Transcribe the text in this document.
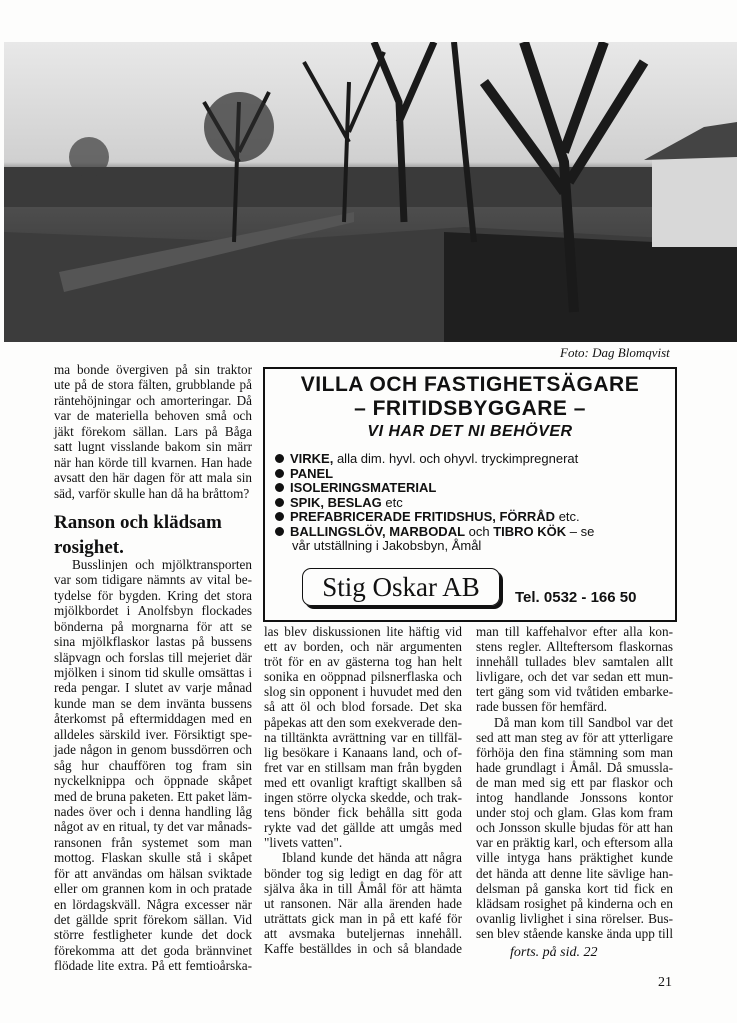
Foto: Dag Blomqvist
ma bonde övergiven på sin traktor
ute på de stora fälten, grubblande på
räntehöjningar och amorteringar. Då
var de materiella behoven små och
jäkt förekom sällan. Lars på Båga
satt lugnt visslande bakom sin märr
när han körde till kvarnen. Han hade
avsatt den här dagen för att mala sin
säd, varför skulle han då ha bråttom?
Busslinjen och mjölktransporten
var som tidigare nämnts av vital be-
tydelse för bygden. Kring det stora
mjölkbordet i Anolfsbyn flockades
bönderna på morgnarna för att se
sina mjölkflaskor lastas på bussens
släpvagn och forslas till mejeriet där
mjölken i sinom tid skulle omsättas i
reda pengar. I slutet av varje månad
kunde man se dem invänta bussens
återkomst på eftermiddagen med en
alldeles särskild iver. Försiktigt spe-
jade någon in genom bussdörren och
såg hur chauffören tog fram sin
nyckelknippa och öppnade skåpet
med de bruna paketen. Ett paket läm-
nades över och i denna handling låg
något av en ritual, ty det var månads-
ransonen från systemet som man
mottog. Flaskan skulle stå i skåpet
för att användas om hälsan sviktade
eller om grannen kom in och pratade
en lördagskväll. Några excesser när
det gällde sprit förekom sällan. Vid
större festligheter kunde det dock
förekomma att det goda brännvinet
flödade lite extra. På ett femtioårska-
Ranson och klädsam
rosighet.
VILLA OCH FASTIGHETSÄGARE
– FRITIDSBYGGARE –
VI HAR DET NI BEHÖVER
VIRKE, alla dim. hyvl. och ohyvl. tryckimpregnerat
PANEL
ISOLERINGSMATERIAL
SPIK, BESLAG etc
PREFABRICERADE FRITIDSHUS, FÖRRÅD etc.
BALLINGSLÖV, MARBODAL och TIBRO KÖK – se
vår utställning i Jakobsbyn, Åmål
Stig Oskar AB	Tel. 0532 - 166 50
las blev diskussionen lite häftig vid
ett av borden, och när argumenten
tröt för en av gästerna tog han helt
sonika en oöppnad pilsnerflaska och
slog sin opponent i huvudet med den
så att öl och blod forsade. Det ska
påpekas att den som exekverade den-
na tilltänkta avrättning var en tillfäl-
lig besökare i Kanaans land, och of-
fret var en stillsam man från bygden
med ett ovanligt kraftigt skallben så
ingen större olycka skedde, och trak-
tens bönder fick behålla sitt goda
rykte vad det gällde att umgås med
"livets vatten".
Ibland kunde det hända att några
bönder tog sig ledigt en dag för att
själva åka in till Åmål för att hämta
ut ransonen. När alla ärenden hade
uträttats gick man in på ett kafé för
att avsmaka buteljernas innehåll.
Kaffe beställdes in och så blandade
man till kaffehalvor efter alla kon-
stens regler. Allteftersom flaskornas
innehåll tullades blev samtalen allt
livligare, och det var sedan ett mun-
tert gäng som vid tvåtiden embarke-
rade bussen för hemfärd.
Då man kom till Sandbol var det
sed att man steg av för att ytterligare
förhöja den fina stämning som man
hade grundlagt i Åmål. Då smussla-
de man med sig ett par flaskor och
intog handlande Jonssons kontor
under stoj och glam. Glas kom fram
och Jonsson skulle bjudas för att han
var en präktig karl, och eftersom alla
ville intyga hans präktighet kunde
det hända att denne lite sävlige han-
delsman på ganska kort tid fick en
klädsam rosighet på kinderna och en
ovanlig livlighet i sina rörelser. Bus-
sen blev stående kanske ända upp till
forts. på sid. 22
21
